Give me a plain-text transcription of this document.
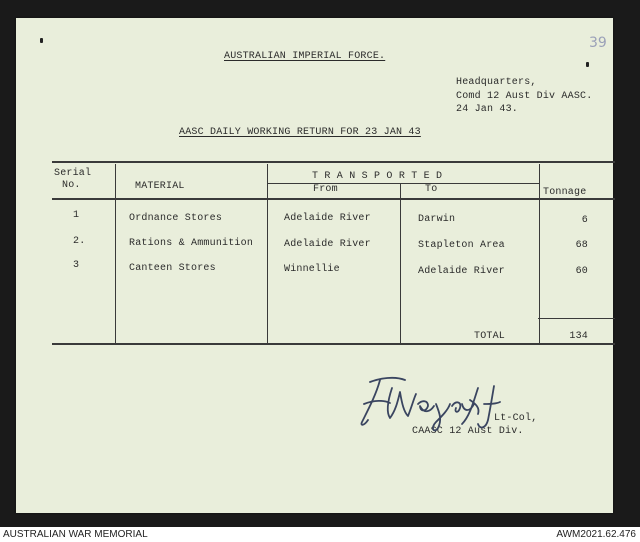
AUSTRALIAN IMPERIAL FORCE.
39
Headquarters,
Comd 12 Aust Div AASC.
24 Jan 43.
AASC DAILY WORKING RETURN FOR 23 JAN 43
Serial
No.	MATERIAL
T R A N S P O R T E D
From	To	Tonnage
1	Ordnance Stores	Adelaide River	Darwin	6
2.	Rations & Ammunition	Adelaide River	Stapleton Area	68
3	Canteen Stores	Winnellie	Adelaide River	60
TOTAL	134
Lt-Col,
CAASC 12 Aust Div.
AUSTRALIAN WAR MEMORIAL	AWM2021.62.476
